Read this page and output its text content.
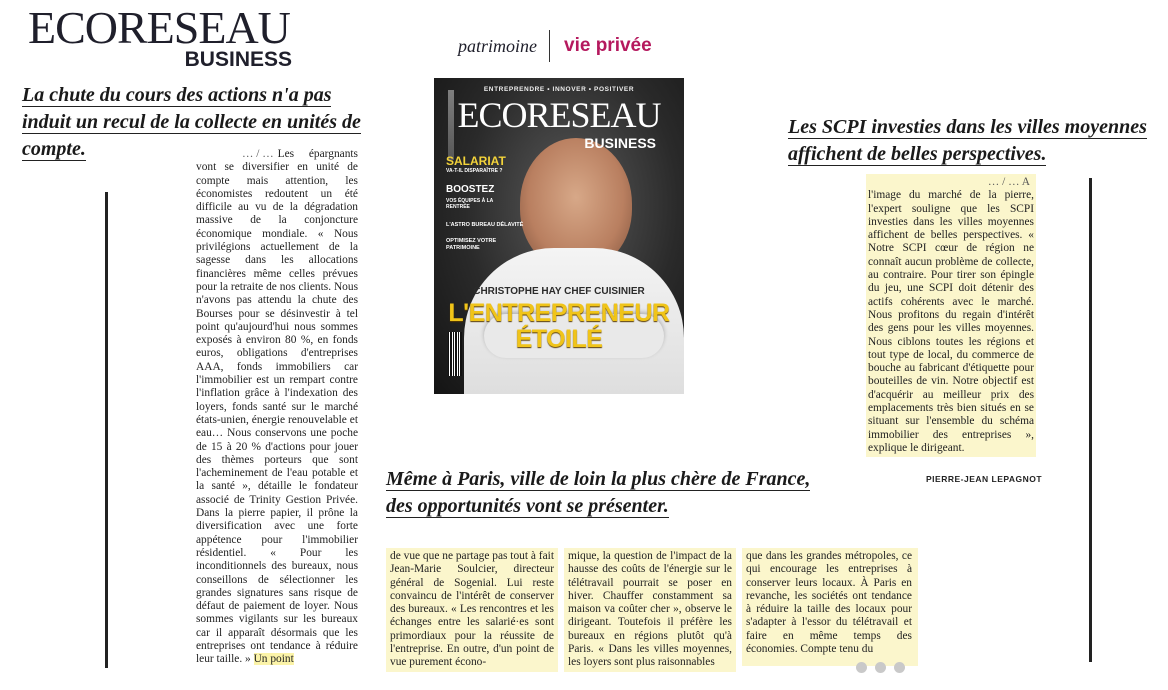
ECORESEAU
BUSINESS
patrimoine	vie privée
ENTREPRENDRE • INNOVER • POSITIVER
ECORESEAU
BUSINESS
SALARIAT
VA-T-IL DISPARAÎTRE ?
BOOSTEZ
VOS ÉQUIPES À LA RENTRÉE
L'ASTRO BUREAU DÉLAVITÉ
OPTIMISEZ VOTRE PATRIMOINE
CHRISTOPHE HAY CHEF CUISINIER
L'ENTREPRENEUR
ÉTOILÉ
La chute du cours des actions n'a pas induit un recul de la collecte en unités de compte.
Les SCPI investies dans les villes moyennes affichent de belles perspectives.
Même à Paris, ville de loin la plus chère de France, des opportunités vont se présenter.
… / … Les épargnants vont se diversifier en unité de compte mais attention, les économistes redoutent un été difficile au vu de la dégradation massive de la conjoncture économique mondiale. « Nous privilégions actuellement de la sagesse dans les allocations financières même celles prévues pour la retraite de nos clients. Nous n'avons pas attendu la chute des Bourses pour se désinvestir à tel point qu'aujourd'hui nous sommes exposés à environ 80 %, en fonds euros, obligations d'entreprises AAA, fonds immobiliers car l'immobilier est un rempart contre l'inflation grâce à l'indexation des loyers, fonds santé sur le marché états-unien, énergie renouvelable et eau… Nous conservons une poche de 15 à 20 % d'actions pour jouer des thèmes porteurs que sont l'acheminement de l'eau potable et la santé », détaille le fondateur associé de Trinity Gestion Privée. Dans la pierre papier, il prône la diversification avec une forte appétence pour l'immobilier résidentiel. « Pour les inconditionnels des bureaux, nous conseillons de sélectionner les grandes signatures sans risque de défaut de paiement de loyer. Nous sommes vigilants sur les bureaux car il apparaît désormais que les entreprises ont tendance à réduire leur taille. » Un point
… / … A
l'image du marché de la pierre, l'expert souligne que les SCPI investies dans les villes moyennes affichent de belles perspectives. « Notre SCPI cœur de région ne connaît aucun problème de collecte, au contraire. Pour tirer son épingle du jeu, une SCPI doit détenir des actifs cohérents avec le marché. Nous profitons du regain d'intérêt des gens pour les villes moyennes. Nous ciblons toutes les régions et tout type de local, du commerce de bouche au fabricant d'étiquette pour bouteilles de vin. Notre objectif est d'acquérir au meilleur prix des emplacements très bien situés en se situant sur l'ensemble du schéma immobilier des entreprises », explique le dirigeant.
PIERRE-JEAN LEPAGNOT
de vue que ne partage pas tout à fait Jean-Marie Soulcier, directeur général de Sogenial. Lui reste convaincu de l'intérêt de conserver des bureaux. « Les rencontres et les échanges entre les salarié·es sont primordiaux pour la réussite de l'entreprise. En outre, d'un point de vue purement écono-
mique, la question de l'impact de la hausse des coûts de l'énergie sur le télétravail pourrait se poser en hiver. Chauffer constamment sa maison va coûter cher », observe le dirigeant. Toutefois il préfère les bureaux en régions plutôt qu'à Paris. « Dans les villes moyennes, les loyers sont plus raisonnables
que dans les grandes métropoles, ce qui encourage les entreprises à conserver leurs locaux. À Paris en revanche, les sociétés ont tendance à réduire la taille des locaux pour s'adapter à l'essor du télétravail et faire en même temps des économies. Compte tenu du
